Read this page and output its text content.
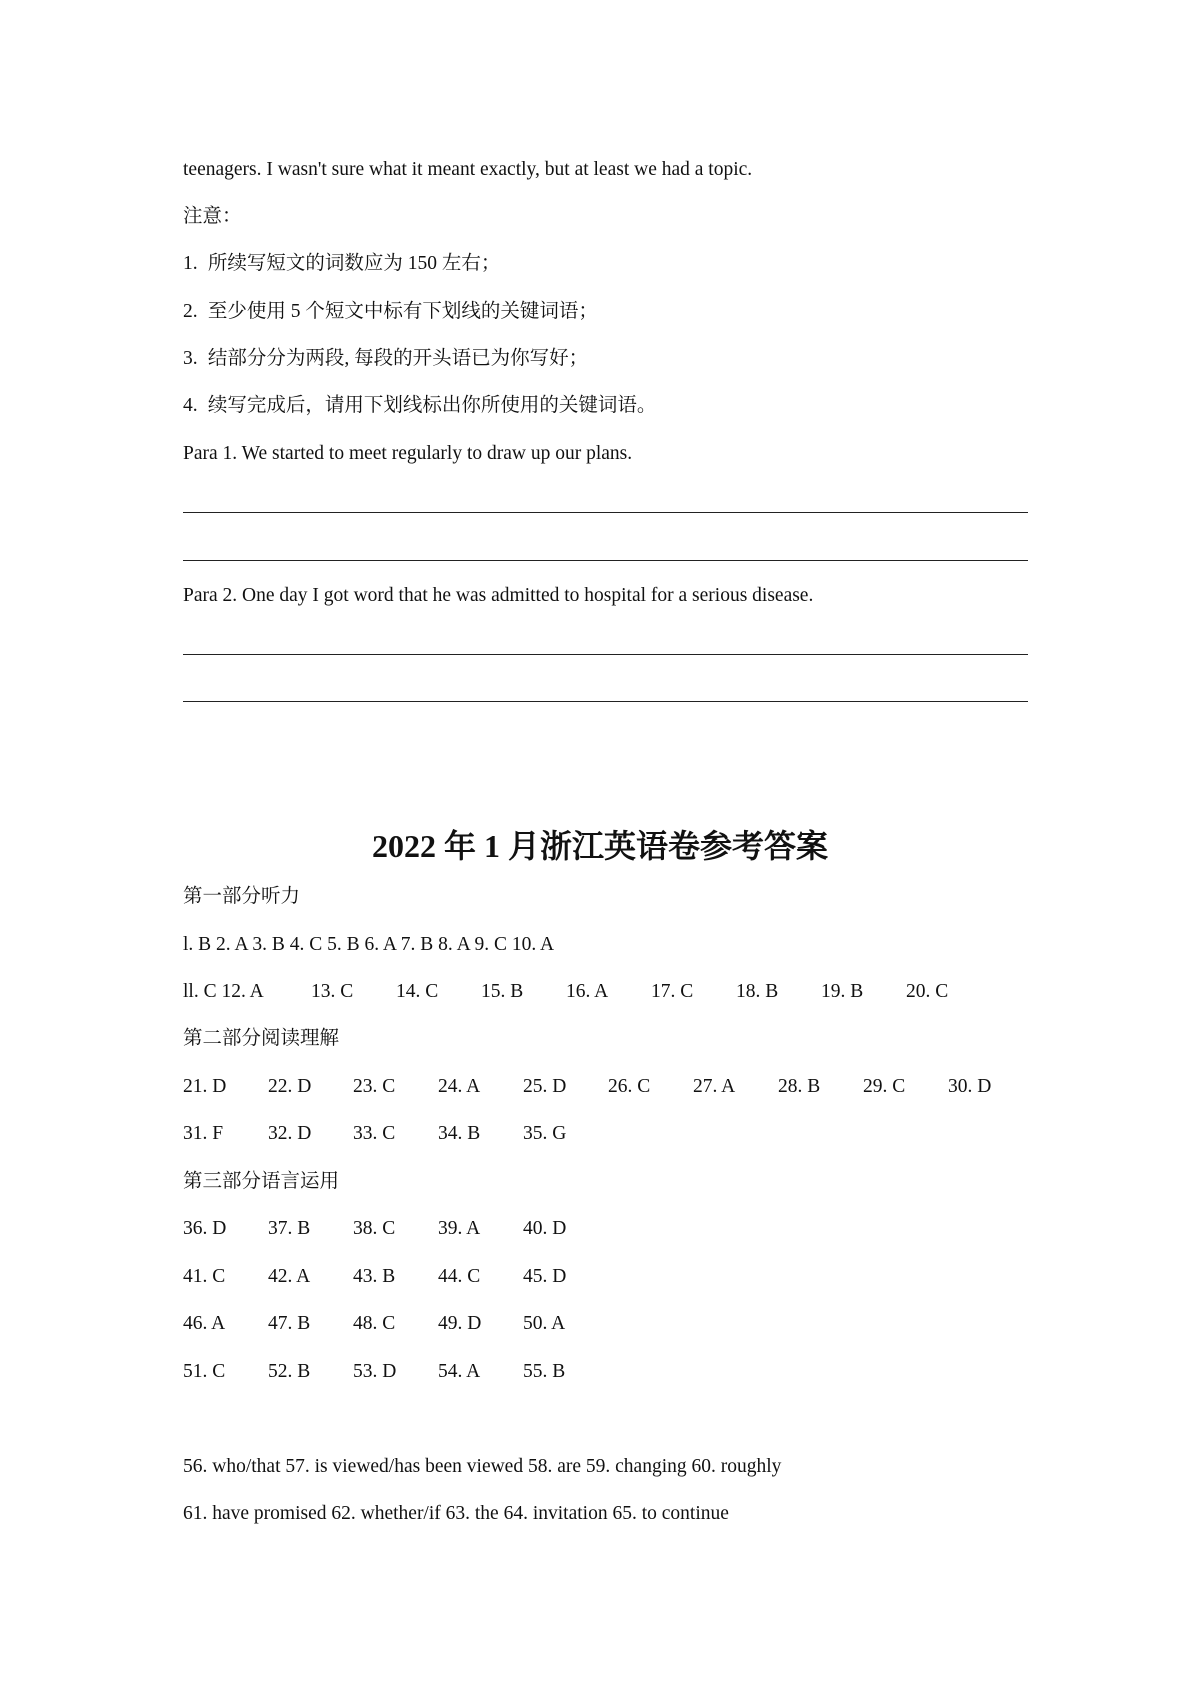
teenagers. I wasn't sure what it meant exactly, but at least we had a topic.
注意：
1. 所续写短文的词数应为 150 左右；
2. 至少使用 5 个短文中标有下划线的关键词语；
3. 结部分分为两段, 每段的开头语已为你写好；
4. 续写完成后，请用下划线标出你所使用的关键词语。
Para 1. We started to meet regularly to draw up our plans.
Para 2. One day I got word that he was admitted to hospital for a serious disease.
2022 年 1 月浙江英语卷参考答案
第一部分听力
l. B 2. A 3. B 4. C 5. B 6. A 7. B 8. A 9. C 10. A
ll. C 12. A 13. C 14. C 15. B 16. A 17. C 18. B 19. B 20. C
第二部分阅读理解
21. D 22. D 23. C 24. A 25. D 26. C 27. A 28. B 29. C 30. D
31. F 32. D 33. C 34. B 35. G
第三部分语言运用
36. D 37. B 38. C 39. A 40. D
41. C 42. A 43. B 44. C 45. D
46. A 47. B 48. C 49. D 50. A
51. C 52. B 53. D 54. A 55. B
56. who/that 57. is viewed/has been viewed 58. are 59. changing 60. roughly
61. have promised 62. whether/if 63. the 64. invitation 65. to continue
